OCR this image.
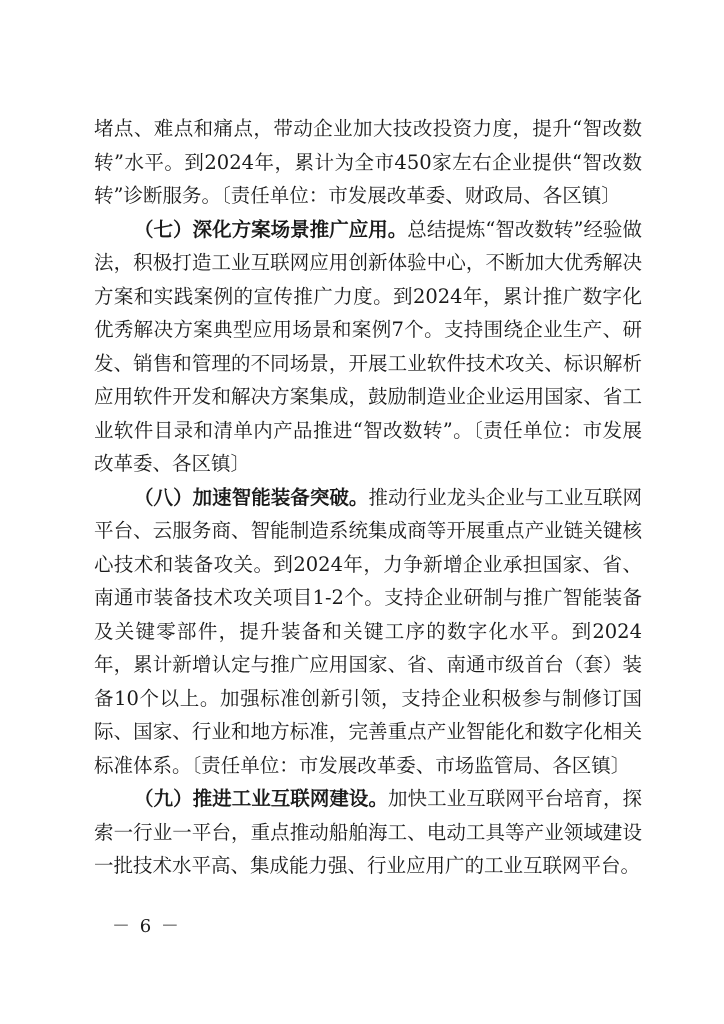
堵点、难点和痛点，带动企业加大技改投资力度，提升“智改数转”水平。到2024年，累计为全市450家左右企业提供“智改数转”诊断服务。〔责任单位：市发展改革委、财政局、各区镇〕

（七）深化方案场景推广应用。总结提炼“智改数转”经验做法，积极打造工业互联网应用创新体验中心，不断加大优秀解决方案和实践案例的宣传推广力度。到2024年，累计推广数字化优秀解决方案典型应用场景和案例7个。支持围绕企业生产、研发、销售和管理的不同场景，开展工业软件技术攻关、标识解析应用软件开发和解决方案集成，鼓励制造业企业运用国家、省工业软件目录和清单内产品推进“智改数转”。〔责任单位：市发展改革委、各区镇〕

（八）加速智能装备突破。推动行业龙头企业与工业互联网平台、云服务商、智能制造系统集成商等开展重点产业链关键核心技术和装备攻关。到2024年，力争新增企业承担国家、省、南通市装备技术攻关项目1-2个。支持企业研制与推广智能装备及关键零部件，提升装备和关键工序的数字化水平。到2024年，累计新增认定与推广应用国家、省、南通市级首台（套）装备10个以上。加强标准创新引领，支持企业积极参与制修订国际、国家、行业和地方标准，完善重点产业智能化和数字化相关标准体系。〔责任单位：市发展改革委、市场监管局、各区镇〕

（九）推进工业互联网建设。加快工业互联网平台培育，探索一行业一平台，重点推动船舶海工、电动工具等产业领域建设一批技术水平高、集成能力强、行业应用广的工业互联网平台。

－ 6 －
